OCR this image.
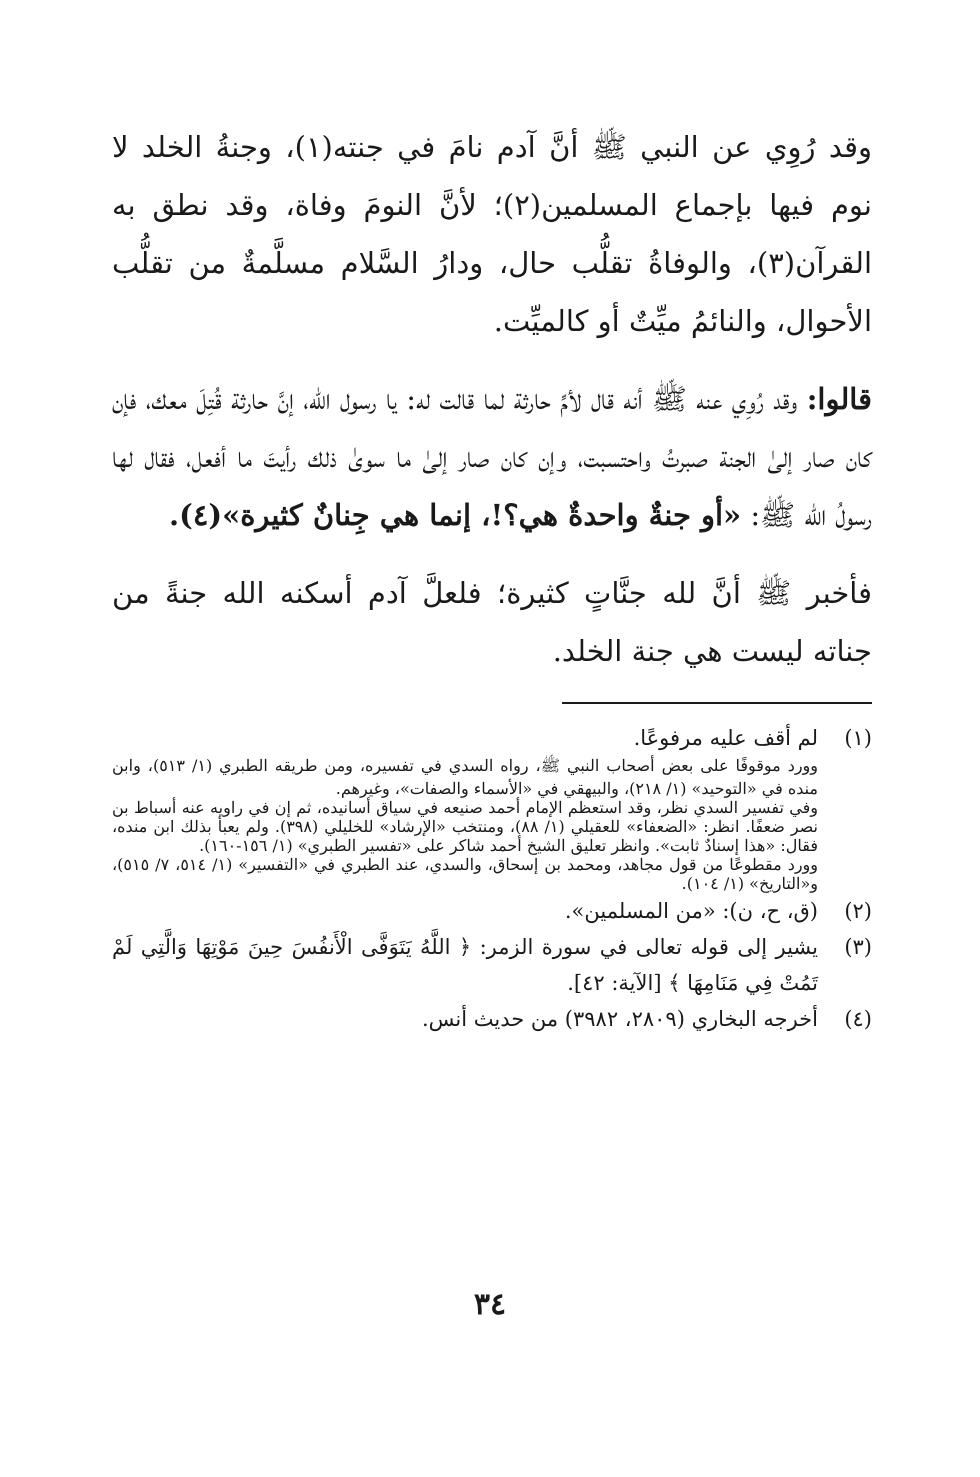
وقد رُوِي عن النبي ﷺ أنَّ آدم نامَ في جنته(١)، وجنةُ الخلد لا نوم فيها بإجماع المسلمين(٢)؛ لأنَّ النومَ وفاة، وقد نطق به القرآن(٣)، والوفاةُ تقلُّب حال، ودارُ السَّلام مسلَّمةٌ من تقلُّب الأحوال، والنائمُ ميِّتٌ أو كالميِّت.

قالوا: وقد رُوِي عنه ﷺ أنه قال لأمِّ حارثة لما قالت له: يا رسول الله، إنَّ حارثة قُتِلَ معك، فإن كان صار إلىٰ الجنة صبرتُ واحتسبت، وإن كان صار إلىٰ ما سوىٰ ذلك رأيتَ ما أفعل، فقال لها رسولُ الله ﷺ: «أو جنةٌ واحدةٌ هي؟!، إنما هي جِنانٌ كثيرة»(٤).

فأخبر ﷺ أنَّ لله جنَّاتٍ كثيرة؛ فلعلَّ آدم أسكنه الله جنةً من جناته ليست هي جنة الخلد.

(١)

لم أقف عليه مرفوعًا.

وورد موقوفًا على بعض أصحاب النبي ﷺ، رواه السدي في تفسيره، ومن طريقه الطبري (١/ ٥١٣)، وابن منده في «التوحيد» (١/ ٢١٨)، والبيهقي في «الأسماء والصفات»، وغيرهم.

وفي تفسير السدي نظر، وقد استعظم الإمام أحمد صنيعه في سياق أسانيده، ثم إن في راويه عنه أسباط بن نصر ضعفًا. انظر: «الضعفاء» للعقيلي (١/ ٨٨)، ومنتخب «الإرشاد» للخليلي (٣٩٨). ولم يعبأ بذلك ابن منده، فقال: «هذا إسنادٌ ثابت». وانظر تعليق الشيخ أحمد شاكر على «تفسير الطبري» (١/ ١٥٦-١٦٠).

وورد مقطوعًا من قول مجاهد، ومحمد بن إسحاق، والسدي، عند الطبري في «التفسير» (١/ ٥١٤، ٧/ ٥١٥)، و«التاريخ» (١/ ١٠٤).

(٢)

(ق، ح، ن): «من المسلمين».

(٣)

يشير إلى قوله تعالى في سورة الزمر: ﴿ اللَّهُ يَتَوَفَّى الْأَنفُسَ حِينَ مَوْتِهَا وَالَّتِي لَمْ تَمُتْ فِي مَنَامِهَا ﴾ [الآية: ٤٢].

(٤)

أخرجه البخاري (٢٨٠٩، ٣٩٨٢) من حديث أنس.

٣٤
